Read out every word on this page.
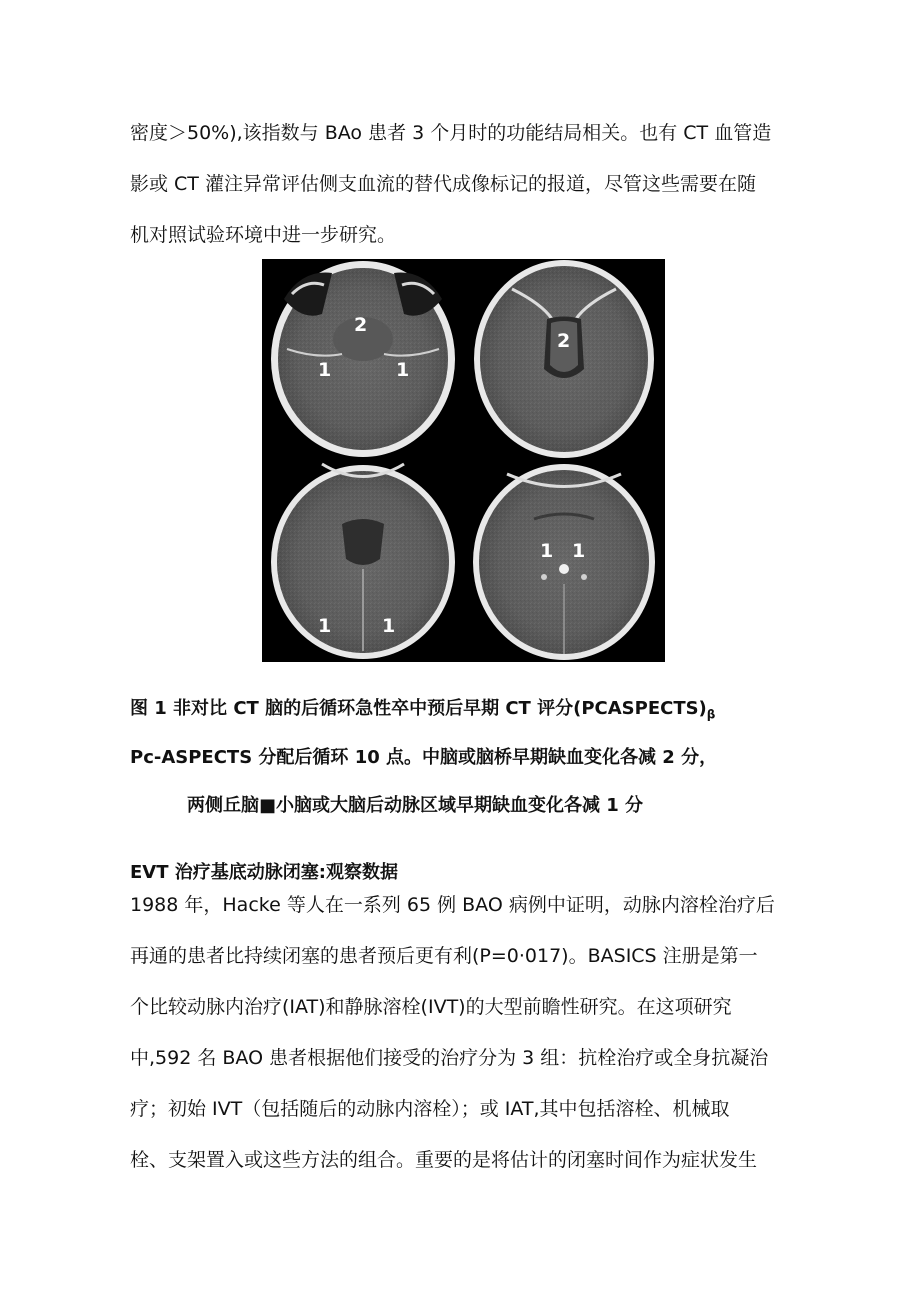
密度＞50%),该指数与 BAo 患者 3 个月时的功能结局相关。也有 CT 血管造
影或 CT 灌注异常评估侧支血流的替代成像标记的报道，尽管这些需要在随
机对照试验环境中进一步研究。
2
1	1
2
1	1
1 1
图 1 非对比 CT 脑的后循环急性卒中预后早期 CT 评分$(PCASPECTS)_\beta$
Pc-ASPECTS 分配后循环 10 点。中脑或脑桥早期缺血变化各减 2 分，
两侧丘脑■小脑或大脑后动脉区域早期缺血变化各减 1 分
EVT 治疗基底动脉闭塞:观察数据
1988 年，Hacke 等人在一系列 65 例 BAO 病例中证明，动脉内溶栓治疗后
再通的患者比持续闭塞的患者预后更有利(P=0·017)。BASICS 注册是第一
个比较动脉内治疗(IAT)和静脉溶栓(IVT)的大型前瞻性研究。在这项研究
中,592 名 BAO 患者根据他们接受的治疗分为 3 组：抗栓治疗或全身抗凝治
疗；初始 IVT（包括随后的动脉内溶栓）；或 IAT,其中包括溶栓、机械取
栓、支架置入或这些方法的组合。重要的是将估计的闭塞时间作为症状发生
